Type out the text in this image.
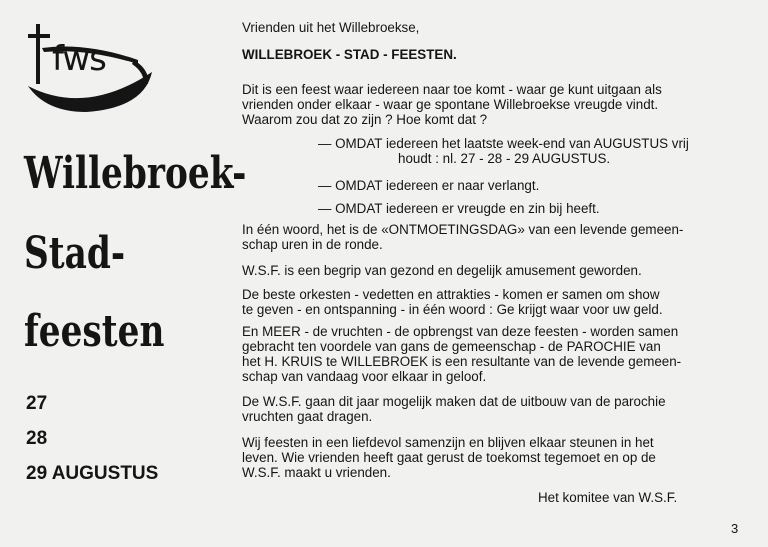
fws
Willebroek-
Stad-
feesten
27
28
29 AUGUSTUS
Vrienden uit het Willebroekse,
WILLEBROEK - STAD - FEESTEN.
Dit is een feest waar iedereen naar toe komt - waar ge kunt uitgaan als
vrienden onder elkaar - waar ge spontane Willebroekse vreugde vindt.
Waarom zou dat zo zijn ? Hoe komt dat ?
— OMDAT iedereen het laatste week-end van AUGUSTUS vrij
houdt : nl. 27 - 28 - 29 AUGUSTUS.
— OMDAT iedereen er naar verlangt.
— OMDAT iedereen er vreugde en zin bij heeft.
In één woord, het is de «ONTMOETINGSDAG» van een levende gemeen-
schap uren in de ronde.
W.S.F. is een begrip van gezond en degelijk amusement geworden.
De beste orkesten - vedetten en attrakties - komen er samen om show
te geven - en ontspanning - in één woord : Ge krijgt waar voor uw geld.
En MEER - de vruchten - de opbrengst van deze feesten - worden samen
gebracht ten voordele van gans de gemeenschap - de PAROCHIE van
het H. KRUIS te WILLEBROEK is een resultante van de levende gemeen-
schap van vandaag voor elkaar in geloof.
De W.S.F. gaan dit jaar mogelijk maken dat de uitbouw van de parochie
vruchten gaat dragen.
Wij feesten in een liefdevol samenzijn en blijven elkaar steunen in het
leven. Wie vrienden heeft gaat gerust de toekomst tegemoet en op de
W.S.F. maakt u vrienden.
Het komitee van W.S.F.
3
